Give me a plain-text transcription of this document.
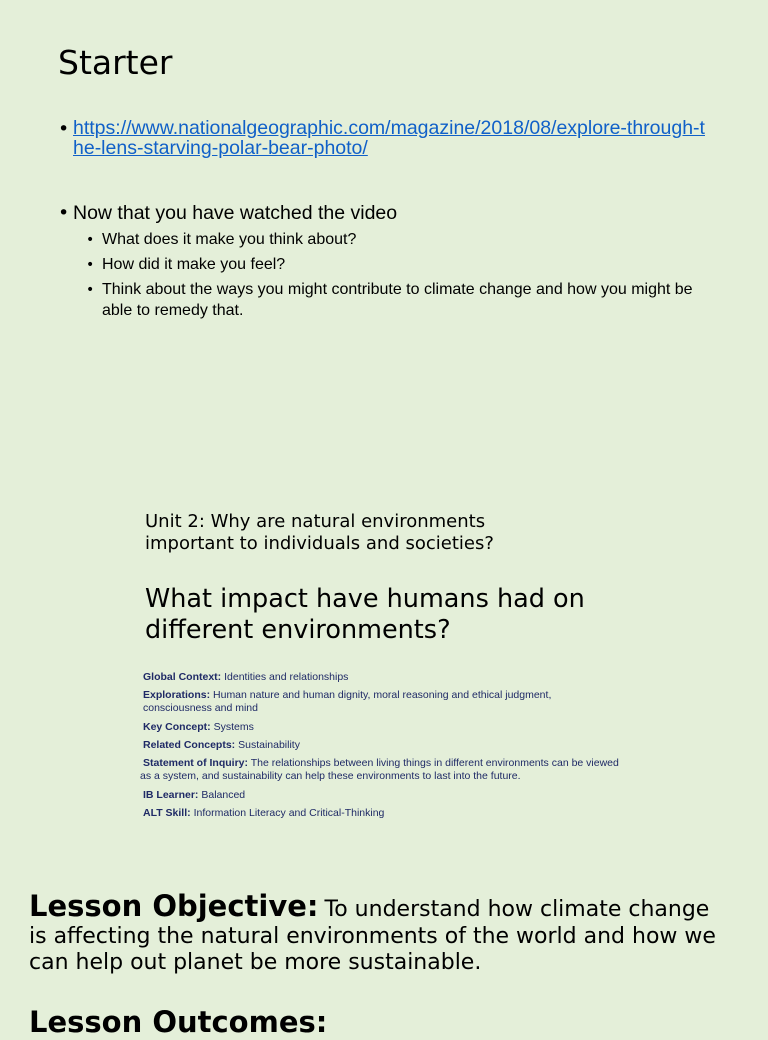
Starter
• https://www.nationalgeographic.com/magazine/2018/08/explore-through-the-lens-starving-polar-bear-photo/
• Now that you have watched the video
• What does it make you think about?
• How did it make you feel?
• Think about the ways you might contribute to climate change and how you might be able to remedy that.
Unit 2: Why are natural environments important to individuals and societies?
What impact have humans had on different environments?
Global Context: Identities and relationships
Explorations: Human nature and human dignity, moral reasoning and ethical judgment, consciousness and mind
Key Concept: Systems
Related Concepts: Sustainability
Statement of Inquiry: The relationships between living things in different environments can be viewed as a system, and sustainability can help these environments to last into the future.
IB Learner: Balanced
ALT Skill: Information Literacy and Critical-Thinking
Lesson Objective: To understand how climate change is affecting the natural environments of the world and how we can help out planet be more sustainable.
Lesson Outcomes:
